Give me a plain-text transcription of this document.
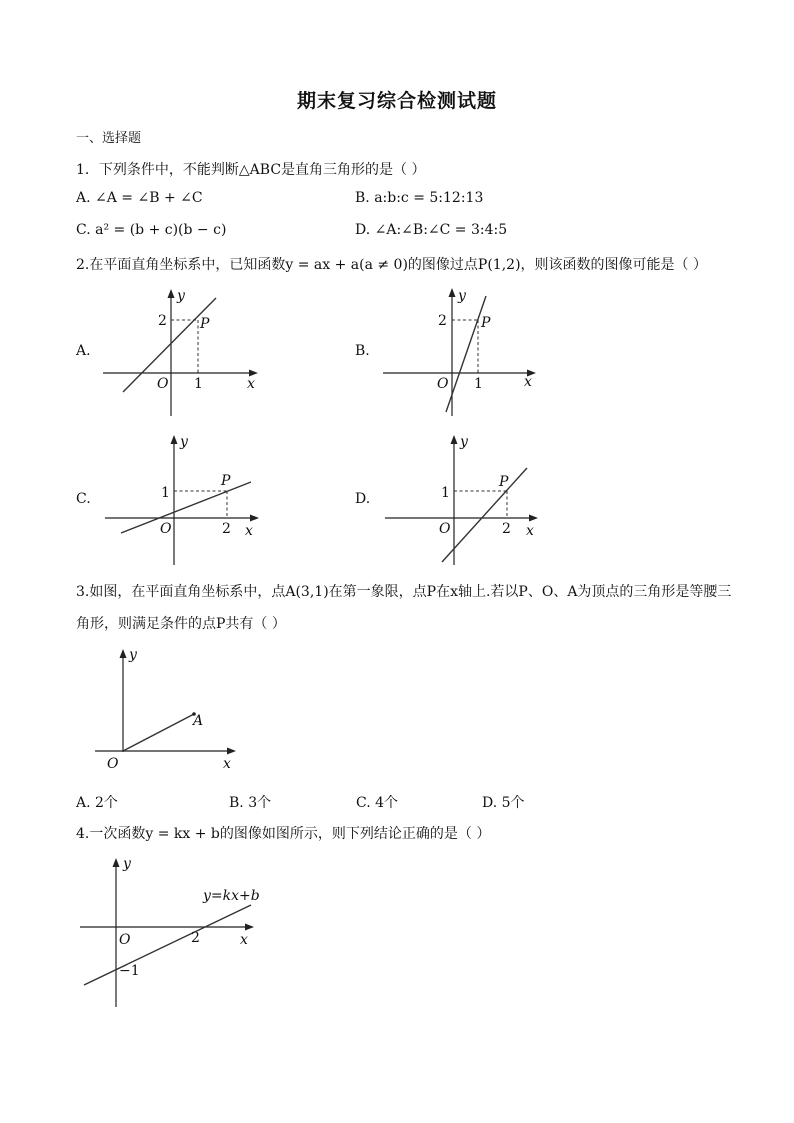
期末复习综合检测试题
一、选择题
1．下列条件中，不能判断△ABC是直角三角形的是（ ）
A. ∠A = ∠B + ∠C	B. a:b:c = 5:12:13
C. a² = (b + c)(b − c)	D. ∠A:∠B:∠C = 3:4:5
2.在平面直角坐标系中，已知函数y = ax + a(a ≠ 0)的图像过点P(1,2)，则该函数的图像可能是（ ）
A.	B.
C.	D.
y
2 P
O 1	x
y
2 P
O 1	x
y
1
P
O	2 x
y
1
P
O	2 x
3.如图，在平面直角坐标系中，点A(3,1)在第一象限，点P在x轴上.若以P、O、A为顶点的三角形是等腰三
角形，则满足条件的点P共有（ ）
y
A
O	x
A. 2个	B. 3个	C. 4个	D. 5个
4.一次函数y = kx + b的图像如图所示，则下列结论正确的是（ ）
y
y=kx+b
O	2	x
−1
